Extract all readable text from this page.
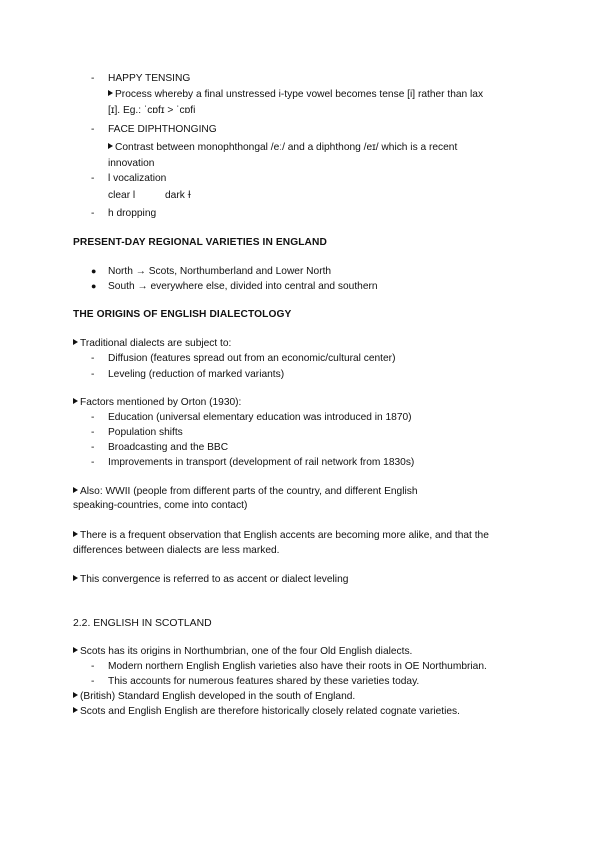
- HAPPY TENSING
Process whereby a final unstressed i-type vowel becomes tense [i] rather than lax
[ɪ]. Eg.: ˈcɒfɪ > ˈcɒfi
- FACE DIPHTHONGING
Contrast between monophthongal /eː/ and a diphthong /eɪ/ which is a recent
innovation
- l vocalization
clear l	dark ɫ
- h dropping
PRESENT-DAY REGIONAL VARIETIES IN ENGLAND
● North → Scots, Northumberland and Lower North
● South → everywhere else, divided into central and southern
THE ORIGINS OF ENGLISH DIALECTOLOGY
Traditional dialects are subject to:
- Diffusion (features spread out from an economic/cultural center)
- Leveling (reduction of marked variants)
Factors mentioned by Orton (1930):
- Education (universal elementary education was introduced in 1870)
- Population shifts
- Broadcasting and the BBC
- Improvements in transport (development of rail network from 1830s)
Also: WWII (people from different parts of the country, and different English
speaking-countries, come into contact)
There is a frequent observation that English accents are becoming more alike, and that the
differences between dialects are less marked.
This convergence is referred to as accent or dialect leveling
2.2. ENGLISH IN SCOTLAND
Scots has its origins in Northumbrian, one of the four Old English dialects.
- Modern northern English English varieties also have their roots in OE Northumbrian.
- This accounts for numerous features shared by these varieties today.
(British) Standard English developed in the south of England.
Scots and English English are therefore historically closely related cognate varieties.
